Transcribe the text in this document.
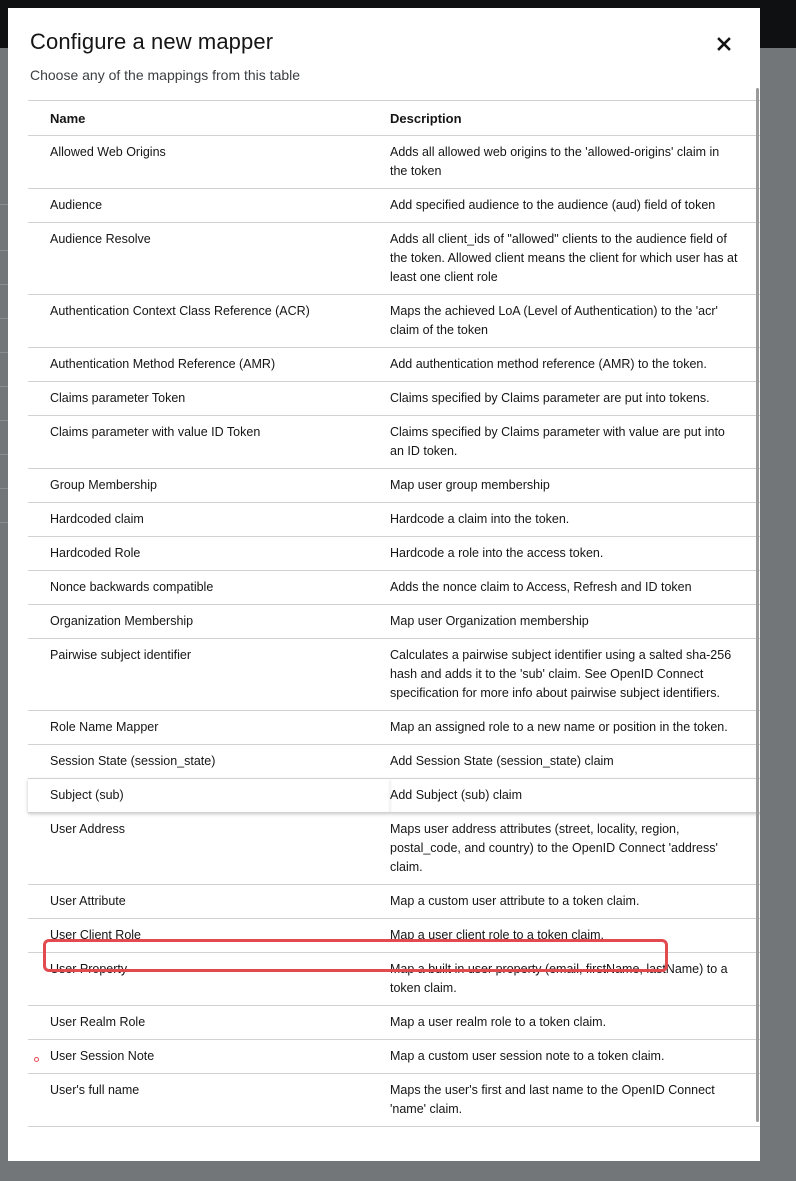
Configure a new mapper

Choose any of the mappings from this table

Name	Description
Allowed Web Origins	Adds all allowed web origins to the 'allowed-origins' claim in the token
Audience	Add specified audience to the audience (aud) field of token
Audience Resolve	Adds all client_ids of "allowed" clients to the audience field of the token. Allowed client means the client for which user has at least one client role
Authentication Context Class Reference (ACR)	Maps the achieved LoA (Level of Authentication) to the 'acr' claim of the token
Authentication Method Reference (AMR)	Add authentication method reference (AMR) to the token.
Claims parameter Token	Claims specified by Claims parameter are put into tokens.
Claims parameter with value ID Token	Claims specified by Claims parameter with value are put into an ID token.
Group Membership	Map user group membership
Hardcoded claim	Hardcode a claim into the token.
Hardcoded Role	Hardcode a role into the access token.
Nonce backwards compatible	Adds the nonce claim to Access, Refresh and ID token
Organization Membership	Map user Organization membership
Pairwise subject identifier	Calculates a pairwise subject identifier using a salted sha-256 hash and adds it to the 'sub' claim. See OpenID Connect specification for more info about pairwise subject identifiers.
Role Name Mapper	Map an assigned role to a new name or position in the token.
Session State (session_state)	Add Session State (session_state) claim
Subject (sub)	Add Subject (sub) claim
User Address	Maps user address attributes (street, locality, region, postal_code, and country) to the OpenID Connect 'address' claim.
User Attribute	Map a custom user attribute to a token claim.
User Client Role	Map a user client role to a token claim.
User Property	Map a built in user property (email, firstName, lastName) to a token claim.
User Realm Role	Map a user realm role to a token claim.
User Session Note	Map a custom user session note to a token claim.
User's full name	Maps the user's first and last name to the OpenID Connect 'name' claim.
